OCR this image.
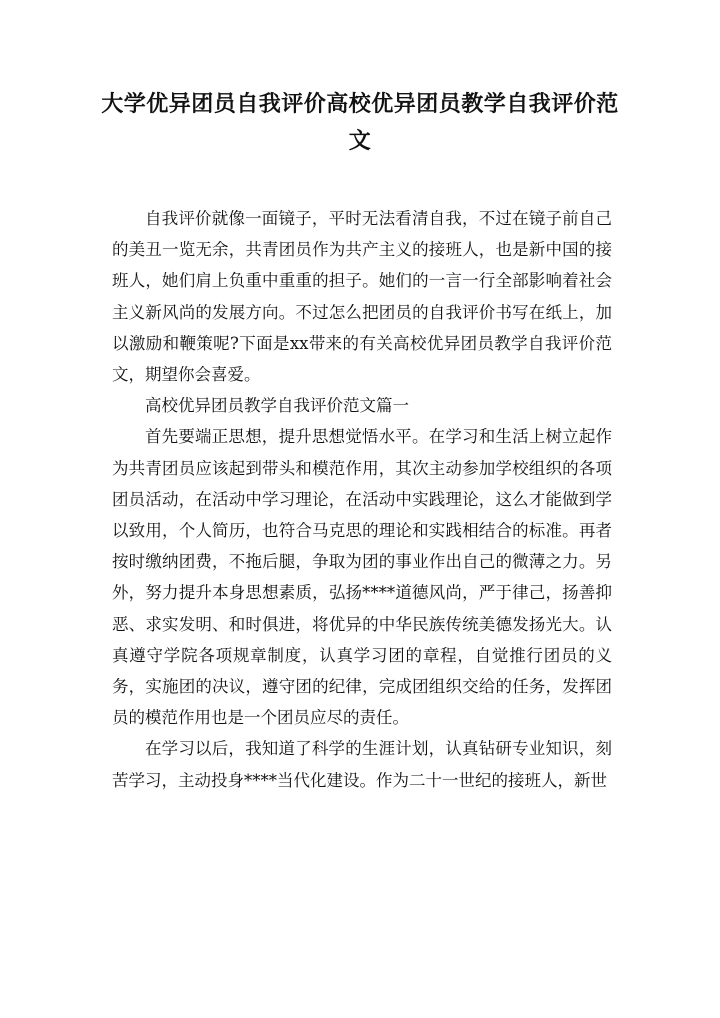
大学优异团员自我评价高校优异团员教学自我评价范文

自我评价就像一面镜子，平时无法看清自我，不过在镜子前自己的美丑一览无余，共青团员作为共产主义的接班人，也是新中国的接班人，她们肩上负重中重重的担子。她们的一言一行全部影响着社会主义新风尚的发展方向。不过怎么把团员的自我评价书写在纸上，加以激励和鞭策呢?下面是xx带来的有关高校优异团员教学自我评价范文，期望你会喜爱。

高校优异团员教学自我评价范文篇一

首先要端正思想，提升思想觉悟水平。在学习和生活上树立起作为共青团员应该起到带头和模范作用，其次主动参加学校组织的各项团员活动，在活动中学习理论，在活动中实践理论，这么才能做到学以致用，个人简历，也符合马克思的理论和实践相结合的标准。再者按时缴纳团费，不拖后腿，争取为团的事业作出自己的微薄之力。另外，努力提升本身思想素质，弘扬****道德风尚，严于律己，扬善抑恶、求实发明、和时俱进，将优异的中华民族传统美德发扬光大。认真遵守学院各项规章制度，认真学习团的章程，自觉推行团员的义务，实施团的决议，遵守团的纪律，完成团组织交给的任务，发挥团员的模范作用也是一个团员应尽的责任。

在学习以后，我知道了科学的生涯计划，认真钻研专业知识，刻苦学习，主动投身****当代化建设。作为二十一世纪的接班人，新世
